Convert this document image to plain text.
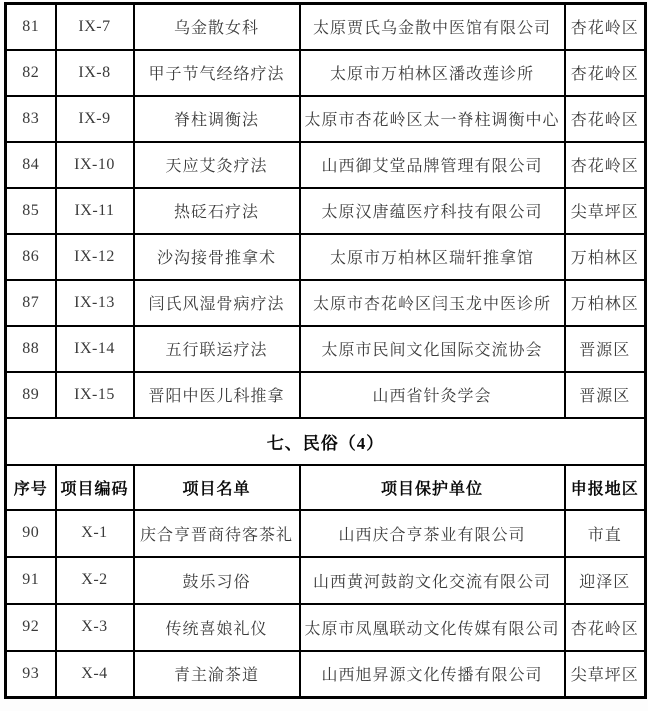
81	IX-7	乌金散女科	太原贾氏乌金散中医馆有限公司	杏花岭区
82	IX-8	甲子节气经络疗法	太原市万柏林区潘改莲诊所	杏花岭区
83	IX-9	脊柱调衡法	太原市杏花岭区太一脊柱调衡中心	杏花岭区
84	IX-10	天应艾灸疗法	山西御艾堂品牌管理有限公司	杏花岭区
85	IX-11	热砭石疗法	太原汉唐蕴医疗科技有限公司	尖草坪区
86	IX-12	沙沟接骨推拿术	太原市万柏林区瑞轩推拿馆	万柏林区
87	IX-13	闫氏风湿骨病疗法	太原市杏花岭区闫玉龙中医诊所	万柏林区
88	IX-14	五行联运疗法	太原市民间文化国际交流协会	晋源区
89	IX-15	晋阳中医儿科推拿	山西省针灸学会	晋源区
七、民俗（4）				
序号	项目编码	项目名单	项目保护单位	申报地区
90	X-1	庆合亨晋商待客茶礼	山西庆合亨茶业有限公司	市直
91	X-2	鼓乐习俗	山西黄河鼓韵文化交流有限公司	迎泽区
92	X-3	传统喜娘礼仪	太原市凤凰联动文化传媒有限公司	杏花岭区
93	X-4	青主渝茶道	山西旭昇源文化传播有限公司	尖草坪区
